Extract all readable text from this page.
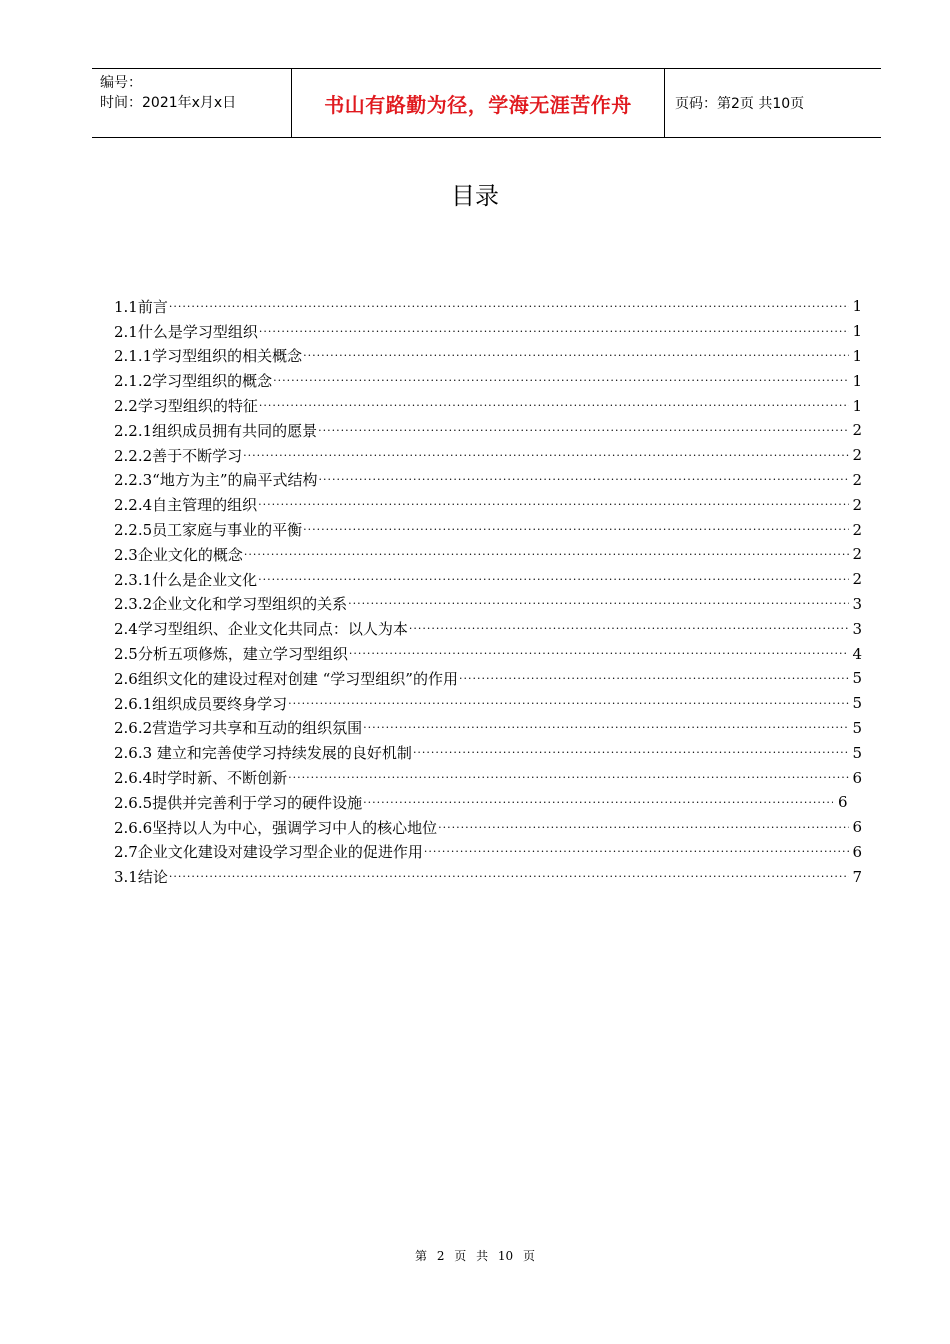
编号：
时间：2021年x月x日	书山有路勤为径，学海无涯苦作舟	页码：第2页 共10页
目录
1.1前言 ·····	1
2.1什么是学习型组织 ·····	1
2.1.1学习型组织的相关概念 ·····	1
2.1.2学习型组织的概念 ·····	1
2.2学习型组织的特征 ·····	1
2.2.1组织成员拥有共同的愿景 ·····	2
2.2.2善于不断学习 ·····	2
2.2.3“地方为主”的扁平式结构 ·····	2
2.2.4自主管理的组织 ·····	2
2.2.5员工家庭与事业的平衡 ·····	2
2.3企业文化的概念 ·····	2
2.3.1什么是企业文化 ·····	2
2.3.2企业文化和学习型组织的关系 ·····	3
2.4学习型组织、企业文化共同点：以人为本 ·····	3
2.5分析五项修炼，建立学习型组织 ·····	4
2.6组织文化的建设过程对创建 “学习型组织”的作用 ·····	5
2.6.1组织成员要终身学习 ·····	5
2.6.2营造学习共享和互动的组织氛围 ·····	5
2.6.3 建立和完善使学习持续发展的良好机制 ·····	5
2.6.4时学时新、不断创新 ·····	6
2.6.5提供并完善利于学习的硬件设施 ·····	6
2.6.6坚持以人为中心，强调学习中人的核心地位 ·····	6
2.7企业文化建设对建设学习型企业的促进作用 ·····	6
3.1结论 ·····	7
第 2 页 共 10 页
